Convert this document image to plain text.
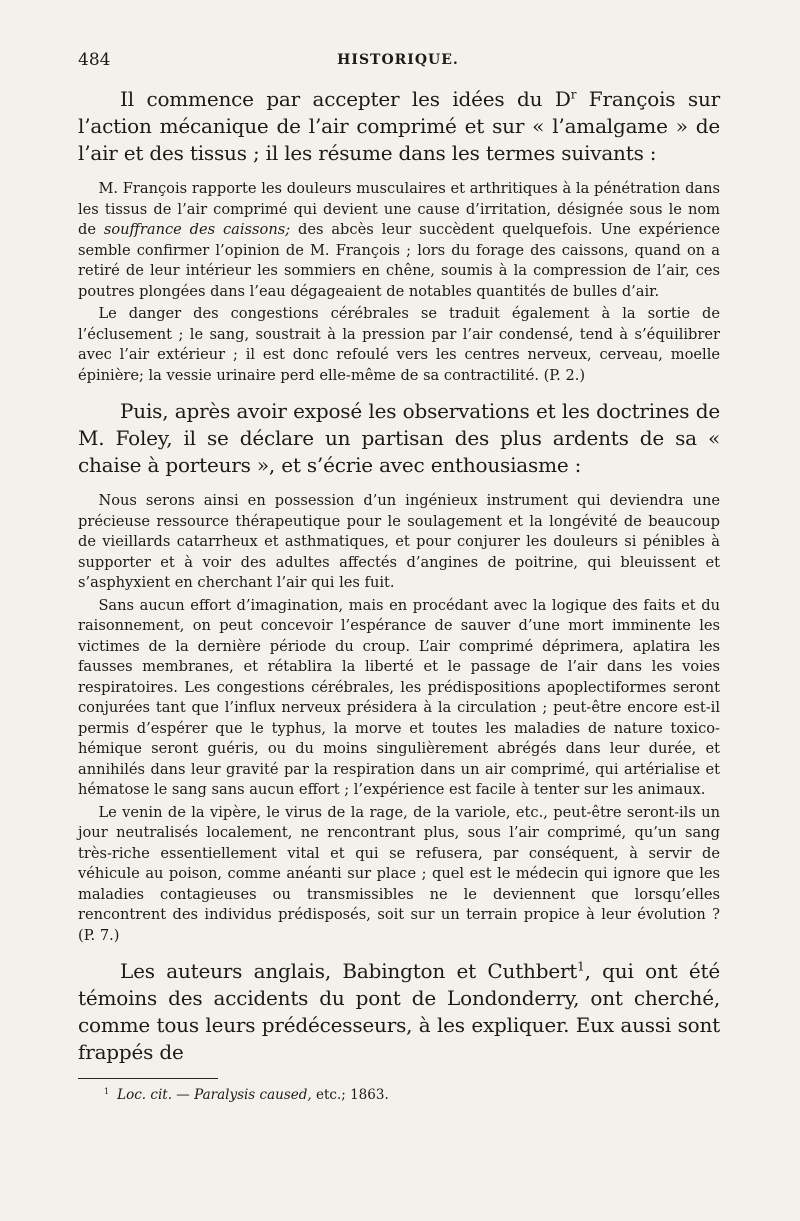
484	HISTORIQUE.

Il commence par accepter les idées du $D^r$ François sur l’action mécanique de l’air comprimé et sur « l’amalgame » de l’air et des tissus ; il les résume dans les termes suivants :

M. François rapporte les douleurs musculaires et arthritiques à la pénétration dans les tissus de l’air comprimé qui devient une cause d’irritation, désignée sous le nom de souffrance des caissons; des abcès leur succèdent quelquefois. Une expérience semble confirmer l’opinion de M. François ; lors du forage des caissons, quand on a retiré de leur intérieur les sommiers en chêne, soumis à la compression de l’air, ces poutres plongées dans l’eau dégageaient de notables quantités de bulles d’air.

Le danger des congestions cérébrales se traduit également à la sortie de l’éclusement ; le sang, soustrait à la pression par l’air condensé, tend à s’équilibrer avec l’air extérieur ; il est donc refoulé vers les centres nerveux, cerveau, moelle épinière; la vessie urinaire perd elle-même de sa contractilité. (P. 2.)

Puis, après avoir exposé les observations et les doctrines de M. Foley, il se déclare un partisan des plus ardents de sa « chaise à porteurs », et s’écrie avec enthousiasme :

Nous serons ainsi en possession d’un ingénieux instrument qui deviendra une précieuse ressource thérapeutique pour le soulagement et la longévité de beaucoup de vieillards catarrheux et asthmatiques, et pour conjurer les douleurs si pénibles à supporter et à voir des adultes affectés d’angines de poitrine, qui bleuissent et s’asphyxient en cherchant l’air qui les fuit.

Sans aucun effort d’imagination, mais en procédant avec la logique des faits et du raisonnement, on peut concevoir l’espérance de sauver d’une mort imminente les victimes de la dernière période du croup. L’air comprimé déprimera, aplatira les fausses membranes, et rétablira la liberté et le passage de l’air dans les voies respiratoires. Les congestions cérébrales, les prédispositions apoplectiformes seront conjurées tant que l’influx nerveux présidera à la circulation ; peut-être encore est-il permis d’espérer que le typhus, la morve et toutes les maladies de nature toxico-hémique seront guéris, ou du moins singulièrement abrégés dans leur durée, et annihilés dans leur gravité par la respiration dans un air comprimé, qui artérialise et hématose le sang sans aucun effort ; l’expérience est facile à tenter sur les animaux.

Le venin de la vipère, le virus de la rage, de la variole, etc., peut-être seront-ils un jour neutralisés localement, ne rencontrant plus, sous l’air comprimé, qu’un sang très-riche essentiellement vital et qui se refusera, par conséquent, à servir de véhicule au poison, comme anéanti sur place ; quel est le médecin qui ignore que les maladies contagieuses ou transmissibles ne le deviennent que lorsqu’elles rencontrent des individus prédisposés, soit sur un terrain propice à leur évolution ? (P. 7.)

Les auteurs anglais, Babington et Cuthbert$^1$, qui ont été témoins des accidents du pont de Londonderry, ont cherché, comme tous leurs prédécesseurs, à les expliquer. Eux aussi sont frappés de

$^1$ Loc. cit. — Paralysis caused, etc.; 1863.
